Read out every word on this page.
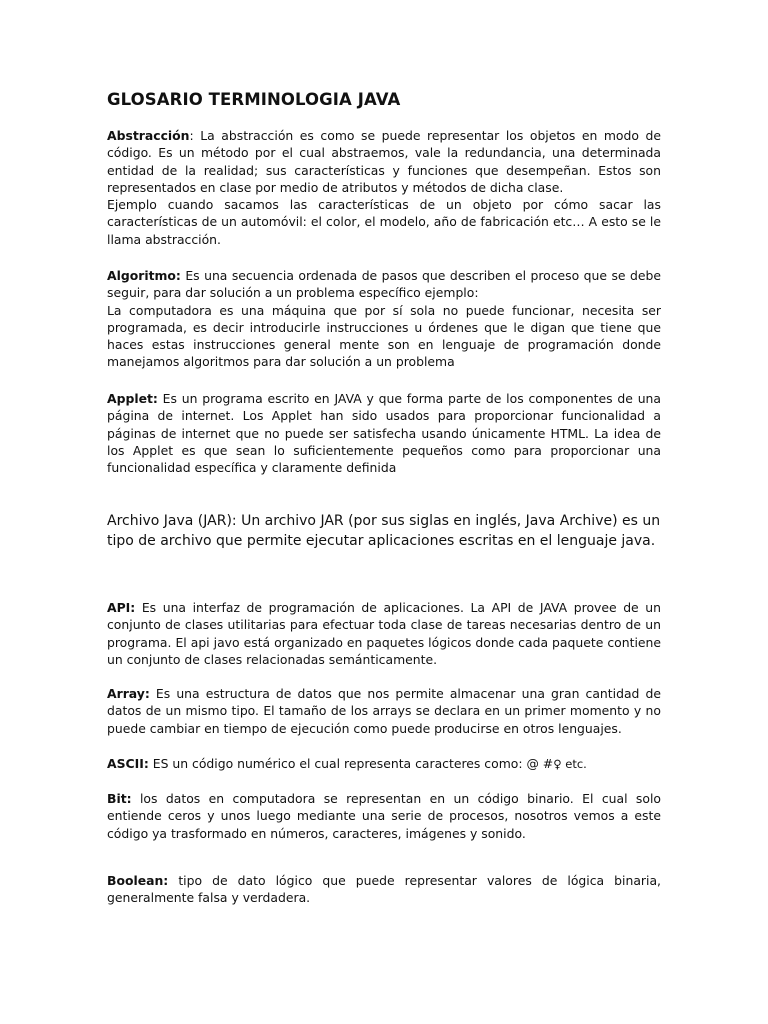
GLOSARIO TERMINOLOGIA JAVA

Abstracción: La abstracción es como se puede representar los objetos en modo de código. Es un método por el cual abstraemos, vale la redundancia, una determinada entidad de la realidad; sus características y funciones que desempeñan. Estos son representados en clase por medio de atributos y métodos de dicha clase.
Ejemplo cuando sacamos las características de un objeto por cómo sacar las características de un automóvil: el color, el modelo, año de fabricación etc… A esto se le llama abstracción.

Algoritmo: Es una secuencia ordenada de pasos que describen el proceso que se debe seguir, para dar solución a un problema específico ejemplo:
La computadora es una máquina que por sí sola no puede funcionar, necesita ser programada, es decir introducirle instrucciones u órdenes que le digan que tiene que haces estas instrucciones general mente son en lenguaje de programación donde manejamos algoritmos para dar solución a un problema

Applet: Es un programa escrito en JAVA y que forma parte de los componentes de una página de internet. Los Applet han sido usados para proporcionar funcionalidad a páginas de internet que no puede ser satisfecha usando únicamente HTML. La idea de los Applet es que sean lo suficientemente pequeños como para proporcionar una funcionalidad específica y claramente definida

Archivo Java (JAR): Un archivo JAR (por sus siglas en inglés, Java Archive) es un tipo de archivo que permite ejecutar aplicaciones escritas en el lenguaje java.

API: Es una interfaz de programación de aplicaciones. La API de JAVA provee de un conjunto de clases utilitarias para efectuar toda clase de tareas necesarias dentro de un programa. El api javo está organizado en paquetes lógicos donde cada paquete contiene un conjunto de clases relacionadas semánticamente.

Array: Es una estructura de datos que nos permite almacenar una gran cantidad de datos de un mismo tipo. El tamaño de los arrays se declara en un primer momento y no puede cambiar en tiempo de ejecución como puede producirse en otros lenguajes.

ASCII: ES un código numérico el cual representa caracteres como: @ #♀ etc.

Bit: los datos en computadora se representan en un código binario. El cual solo entiende ceros y unos luego mediante una serie de procesos, nosotros vemos a este código ya trasformado en números, caracteres, imágenes y sonido.

Boolean: tipo de dato lógico que puede representar valores de lógica binaria, generalmente falsa y verdadera.
